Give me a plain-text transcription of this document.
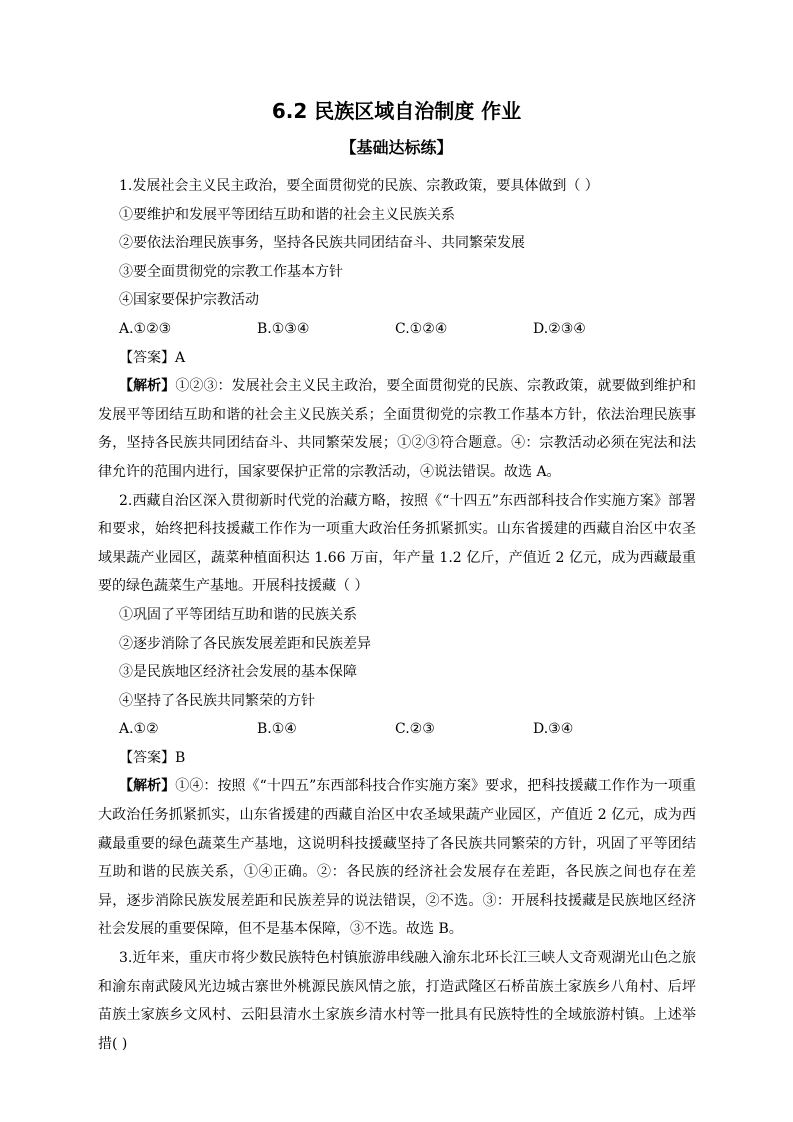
6.2 民族区域自治制度 作业
【基础达标练】

1.发展社会主义民主政治，要全面贯彻党的民族、宗教政策，要具体做到（ ）

①要维护和发展平等团结互助和谐的社会主义民族关系

②要依法治理民族事务，坚持各民族共同团结奋斗、共同繁荣发展

③要全面贯彻党的宗教工作基本方针

④国家要保护宗教活动

A.①②③	B.①③④	C.①②④	D.②③④

【答案】A

【解析】①②③：发展社会主义民主政治，要全面贯彻党的民族、宗教政策，就要做到维护和发展平等团结互助和谐的社会主义民族关系；全面贯彻党的宗教工作基本方针，依法治理民族事务，坚持各民族共同团结奋斗、共同繁荣发展；①②③符合题意。④：宗教活动必须在宪法和法律允许的范围内进行，国家要保护正常的宗教活动，④说法错误。故选 A。

2.西藏自治区深入贯彻新时代党的治藏方略，按照《“十四五”东西部科技合作实施方案》部署和要求，始终把科技援藏工作作为一项重大政治任务抓紧抓实。山东省援建的西藏自治区中农圣域果蔬产业园区，蔬菜种植面积达 1.66 万亩，年产量 1.2 亿斤，产值近 2 亿元，成为西藏最重要的绿色蔬菜生产基地。开展科技援藏（ ）

①巩固了平等团结互助和谐的民族关系

②逐步消除了各民族发展差距和民族差异

③是民族地区经济社会发展的基本保障

④坚持了各民族共同繁荣的方针

A.①②	B.①④	C.②③	D.③④

【答案】B

【解析】①④：按照《“十四五”东西部科技合作实施方案》要求，把科技援藏工作作为一项重大政治任务抓紧抓实，山东省援建的西藏自治区中农圣域果蔬产业园区，产值近 2 亿元，成为西藏最重要的绿色蔬菜生产基地，这说明科技援藏坚持了各民族共同繁荣的方针，巩固了平等团结互助和谐的民族关系，①④正确。②：各民族的经济社会发展存在差距，各民族之间也存在差异，逐步消除民族发展差距和民族差异的说法错误，②不选。③：开展科技援藏是民族地区经济社会发展的重要保障，但不是基本保障，③不选。故选 B。

3.近年来，重庆市将少数民族特色村镇旅游串线融入渝东北环长江三峡人文奇观湖光山色之旅和渝东南武陵风光边城古寨世外桃源民族风情之旅，打造武隆区石桥苗族土家族乡八角村、后坪苗族土家族乡文风村、云阳县清水土家族乡清水村等一批具有民族特性的全域旅游村镇。上述举措( )
